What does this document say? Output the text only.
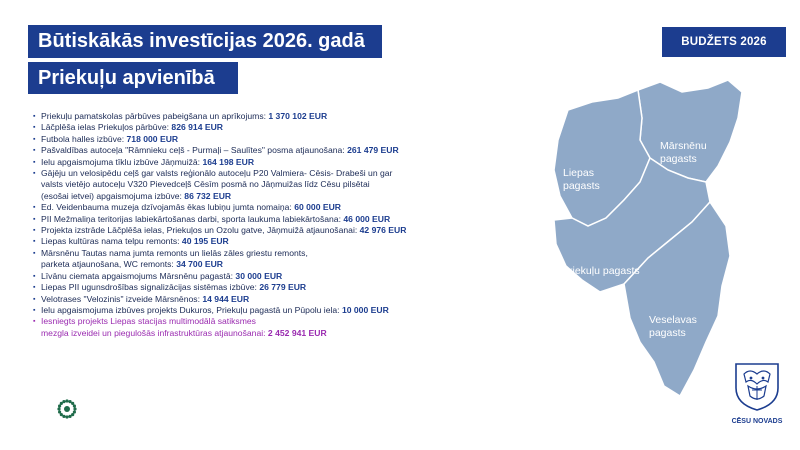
Būtiskākās investīcijas 2026. gadā
Priekuļu apvienībā
BUDŽETS 2026
▪ Priekuļu pamatskolas pārbūves pabeigšana un aprīkojums: 1 370 102 EUR
▪ Lāčplēša ielas Priekuļos pārbūve: 826 914 EUR
▪ Futbola halles izbūve: 718 000 EUR
▪ Pašvaldības autoceļa "Rāmnieku ceļš - Purmaļi – Saulītes" posma atjaunošana: 261 479 EUR
▪ Ielu apgaismojuma tīklu izbūve Jāņmuižā: 164 198 EUR
▪ Gājēju un velosipēdu ceļš gar valsts reģionālo autoceļu P20 Valmiera- Cēsis- Drabeši un gar
valsts vietējo autoceļu V320 Pievedceļš Cēsīm posmā no Jāņmuižas līdz Cēsu pilsētai
(esošai ietvei) apgaismojuma izbūve: 86 732 EUR
▪ Ed. Veidenbauma muzeja dzīvojamās ēkas lubiņu jumta nomaiņa: 60 000 EUR
▪ PII Mežmaliņa teritorijas labiekārtošanas darbi, sporta laukuma labiekārtošana: 46 000 EUR
▪ Projekta izstrāde Lāčplēša ielas, Priekuļos un Ozolu gatve, Jāņmuižā atjaunošanai: 42 976 EUR
▪ Liepas kultūras nama telpu remonts: 40 195 EUR
▪ Mārsnēnu Tautas nama jumta remonts un lielās zāles griestu remonts,
parketa atjaunošana, WC remonts: 34 700 EUR
▪ Līvānu ciemata apgaismojums Mārsnēnu pagastā: 30 000 EUR
▪ Liepas PII ugunsdrošības signalizācijas sistēmas izbūve: 26 779 EUR
▪ Velotrases "Velozinis" izveide Mārsnēnos: 14 944 EUR
▪ Ielu apgaismojuma izbūves projekts Dukuros, Priekuļu pagastā un Pūpolu iela: 10 000 EUR
▪ Iesniegts projekts Liepas stacijas multimodālā satiksmes
mezgla izveidei un piegulošās infrastruktūras atjaunošanai: 2 452 941 EUR
Liepas pagasts
Mārsnēnu pagasts
Priekuļu pagasts
Veselavas pagasts
CĒSU NOVADS
